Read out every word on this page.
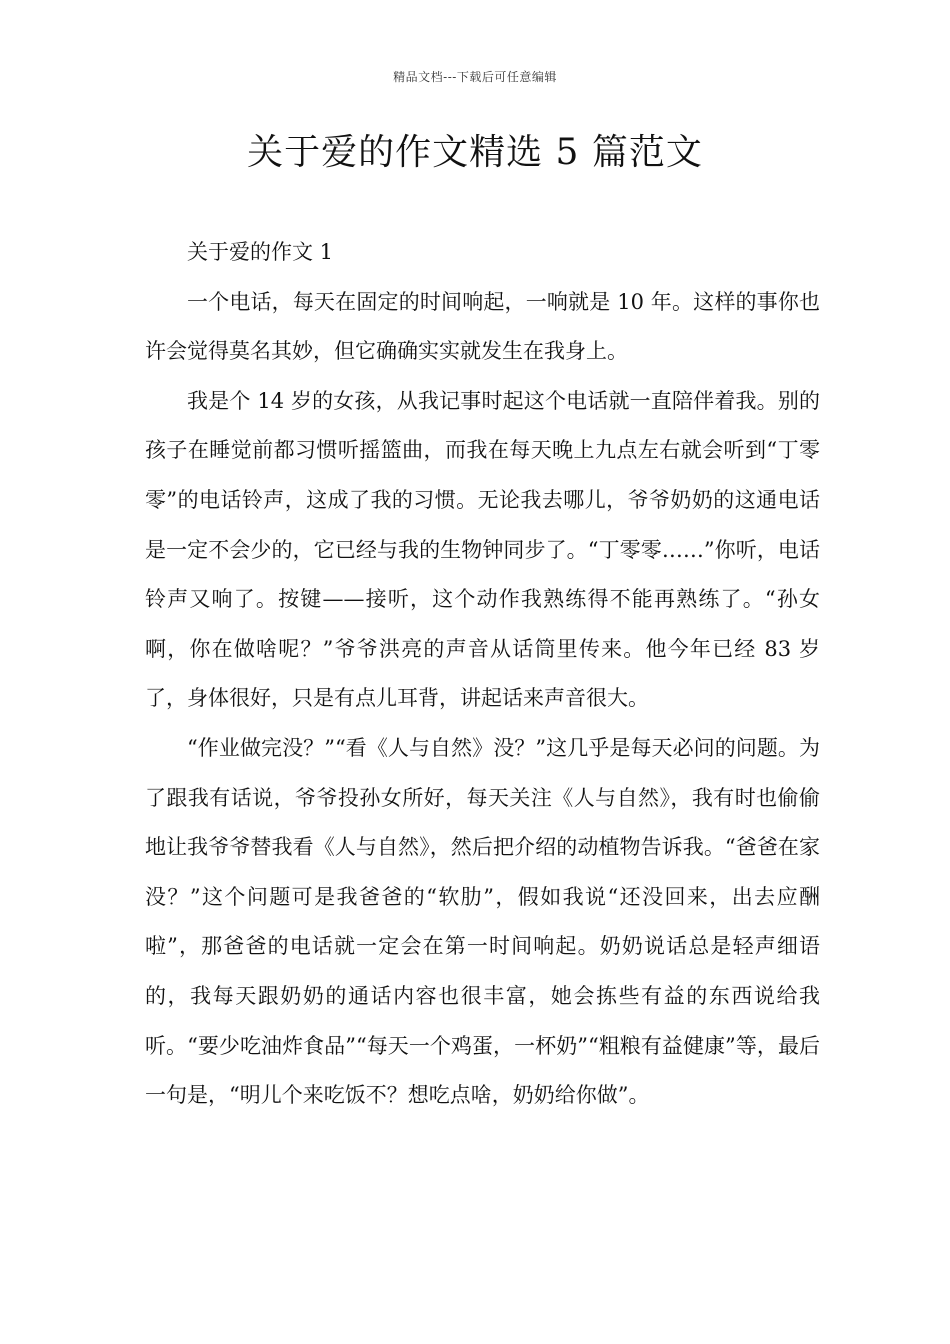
精品文档---下载后可任意编辑
关于爱的作文精选 5 篇范文

关于爱的作文 1

一个电话，每天在固定的时间响起，一响就是 10 年。这样的事你也许会觉得莫名其妙，但它确确实实就发生在我身上。

我是个 14 岁的女孩，从我记事时起这个电话就一直陪伴着我。别的孩子在睡觉前都习惯听摇篮曲，而我在每天晚上九点左右就会听到“丁零零”的电话铃声，这成了我的习惯。无论我去哪儿，爷爷奶奶的这通电话是一定不会少的，它已经与我的生物钟同步了。“丁零零……”你听，电话铃声又响了。按键——接听，这个动作我熟练得不能再熟练了。“孙女啊，你在做啥呢？”爷爷洪亮的声音从话筒里传来。他今年已经 83 岁了，身体很好，只是有点儿耳背，讲起话来声音很大。

“作业做完没？”“看《人与自然》没？”这几乎是每天必问的问题。为了跟我有话说，爷爷投孙女所好，每天关注《人与自然》，我有时也偷偷地让我爷爷替我看《人与自然》，然后把介绍的动植物告诉我。“爸爸在家没？”这个问题可是我爸爸的“软肋”，假如我说“还没回来，出去应酬啦”，那爸爸的电话就一定会在第一时间响起。奶奶说话总是轻声细语的，我每天跟奶奶的通话内容也很丰富，她会拣些有益的东西说给我听。“要少吃油炸食品”“每天一个鸡蛋，一杯奶”“粗粮有益健康”等，最后一句是，“明儿个来吃饭不？想吃点啥，奶奶给你做”。
